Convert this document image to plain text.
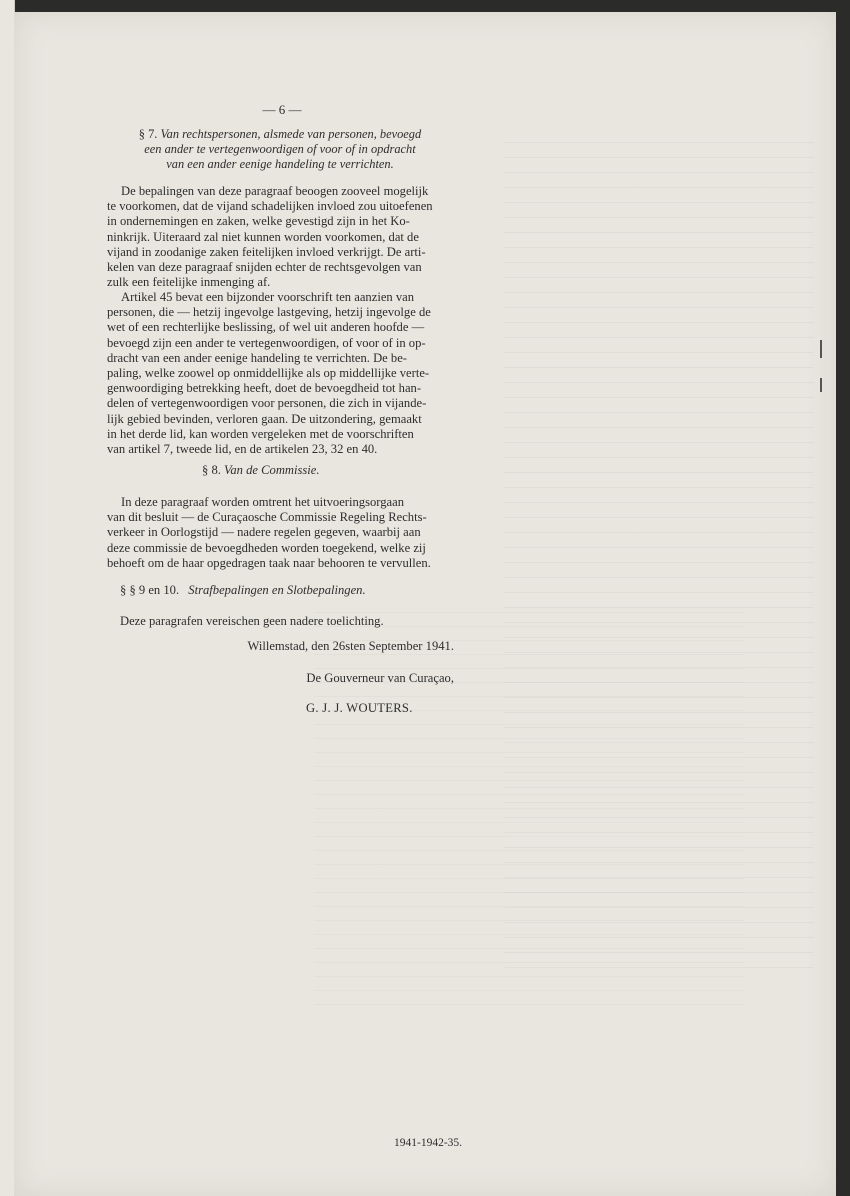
— 6 —
§ 7. Van rechtspersonen, alsmede van personen, bevoegd
een ander te vertegenwoordigen of voor of in opdracht
van een ander eenige handeling te verrichten.

De bepalingen van deze paragraaf beoogen zooveel mogelijk

te voorkomen, dat de vijand schadelijken invloed zou uitoefenen

in ondernemingen en zaken, welke gevestigd zijn in het Ko-

ninkrijk. Uiteraard zal niet kunnen worden voorkomen, dat de

vijand in zoodanige zaken feitelijken invloed verkrijgt. De arti-

kelen van deze paragraaf snijden echter de rechtsgevolgen van

zulk een feitelijke inmenging af.

Artikel 45 bevat een bijzonder voorschrift ten aanzien van

personen, die — hetzij ingevolge lastgeving, hetzij ingevolge de

wet of een rechterlijke beslissing, of wel uit anderen hoofde —

bevoegd zijn een ander te vertegenwoordigen, of voor of in op-

dracht van een ander eenige handeling te verrichten. De be-

paling, welke zoowel op onmiddellijke als op middellijke verte-

genwoordiging betrekking heeft, doet de bevoegdheid tot han-

delen of vertegenwoordigen voor personen, die zich in vijande-

lijk gebied bevinden, verloren gaan. De uitzondering, gemaakt

in het derde lid, kan worden vergeleken met de voorschriften

van artikel 7, tweede lid, en de artikelen 23, 32 en 40.

§ 8. Van de Commissie.

In deze paragraaf worden omtrent het uitvoeringsorgaan

van dit besluit — de Curaçaosche Commissie Regeling Rechts-

verkeer in Oorlogstijd — nadere regelen gegeven, waarbij aan

deze commissie de bevoegdheden worden toegekend, welke zij

behoeft om de haar opgedragen taak naar behooren te vervullen.

§ § 9 en 10. Strafbepalingen en Slotbepalingen.
Deze paragrafen vereischen geen nadere toelichting.
Willemstad, den 26sten September 1941.
De Gouverneur van Curaçao,
G. J. J. WOUTERS.
1941-1942-35.
